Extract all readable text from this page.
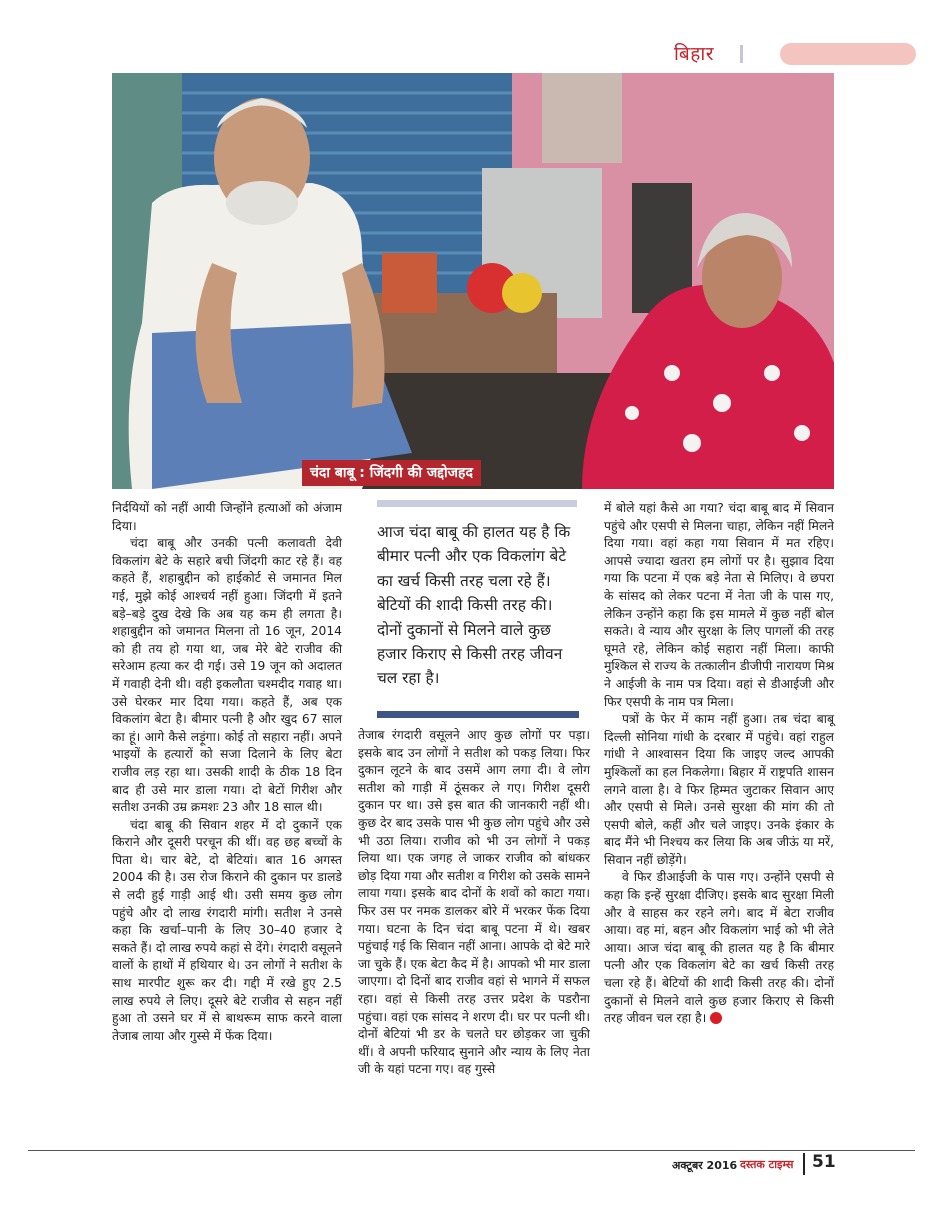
बिहार
चंदा बाबू : जिंदगी की जद्दोजहद

निर्दयियों को नहीं आयी जिन्होंने हत्याओं को अंजाम दिया।

चंदा बाबू और उनकी पत्नी कलावती देवी विकलांग बेटे के सहारे बची जिंदगी काट रहे हैं। वह कहते हैं, शहाबुद्दीन को हाईकोर्ट से जमानत मिल गई, मुझे कोई आश्चर्य नहीं हुआ। जिंदगी में इतने बड़े–बड़े दुख देखे कि अब यह कम ही लगता है। शहाबुद्दीन को जमानत मिलना तो 16 जून, 2014 को ही तय हो गया था, जब मेरे बेटे राजीव की सरेआम हत्या कर दी गई। उसे 19 जून को अदालत में गवाही देनी थी। वही इकलौता चश्मदीद गवाह था। उसे घेरकर मार दिया गया। कहते हैं, अब एक विकलांग बेटा है। बीमार पत्नी है और खुद 67 साल का हूं। आगे कैसे लड़ूंगा। कोई तो सहारा नहीं। अपने भाइयों के हत्यारों को सजा दिलाने के लिए बेटा राजीव लड़ रहा था। उसकी शादी के ठीक 18 दिन बाद ही उसे मार डाला गया। दो बेटों गिरीश और सतीश उनकी उम्र क्रमशः 23 और 18 साल थी।

चंदा बाबू की सिवान शहर में दो दुकानें एक किराने और दूसरी परचून की थीं। वह छह बच्चों के पिता थे। चार बेटे, दो बेटियां। बात 16 अगस्त 2004 की है। उस रोज किराने की दुकान पर डालडे से लदी हुई गाड़ी आई थी। उसी समय कुछ लोग पहुंचे और दो लाख रंगदारी मांगी। सतीश ने उनसे कहा कि खर्चा–पानी के लिए 30–40 हजार दे सकते हैं। दो लाख रुपये कहां से देंगे। रंगदारी वसूलने वालों के हाथों में हथियार थे। उन लोगों ने सतीश के साथ मारपीट शुरू कर दी। गद्दी में रखे हुए 2.5 लाख रुपये ले लिए। दूसरे बेटे राजीव से सहन नहीं हुआ तो उसने घर में से बाथरूम साफ करने वाला तेजाब लाया और गुस्से में फेंक दिया।

आज चंदा बाबू की हालत यह है कि बीमार पत्नी और एक विकलांग बेटे का खर्च किसी तरह चला रहे हैं। बेटियों की शादी किसी तरह की। दोनों दुकानों से मिलने वाले कुछ हजार किराए से किसी तरह जीवन चल रहा है।

तेजाब रंगदारी वसूलने आए कुछ लोगों पर पड़ा। इसके बाद उन लोगों ने सतीश को पकड़ लिया। फिर दुकान लूटने के बाद उसमें आग लगा दी। वे लोग सतीश को गाड़ी में ठूंसकर ले गए। गिरीश दूसरी दुकान पर था। उसे इस बात की जानकारी नहीं थी। कुछ देर बाद उसके पास भी कुछ लोग पहुंचे और उसे भी उठा लिया। राजीव को भी उन लोगों ने पकड़ लिया था। एक जगह ले जाकर राजीव को बांधकर छोड़ दिया गया और सतीश व गिरीश को उसके सामने लाया गया। इसके बाद दोनों के शवों को काटा गया। फिर उस पर नमक डालकर बोरे में भरकर फेंक दिया गया। घटना के दिन चंदा बाबू पटना में थे। खबर पहुंचाई गई कि सिवान नहीं आना। आपके दो बेटे मारे जा चुके हैं। एक बेटा कैद में है। आपको भी मार डाला जाएगा। दो दिनों बाद राजीव वहां से भागने में सफल रहा। वहां से किसी तरह उत्तर प्रदेश के पडरौना पहुंचा। वहां एक सांसद ने शरण दी। घर पर पत्नी थी। दोनों बेटियां भी डर के चलते घर छोड़कर जा चुकी थीं। वे अपनी फरियाद सुनाने और न्याय के लिए नेता जी के यहां पटना गए। वह गुस्से

में बोले यहां कैसे आ गया? चंदा बाबू बाद में सिवान पहुंचे और एसपी से मिलना चाहा, लेकिन नहीं मिलने दिया गया। वहां कहा गया सिवान में मत रहिए। आपसे ज्यादा खतरा हम लोगों पर है। सुझाव दिया गया कि पटना में एक बड़े नेता से मिलिए। वे छपरा के सांसद को लेकर पटना में नेता जी के पास गए, लेकिन उन्होंने कहा कि इस मामले में कुछ नहीं बोल सकते। वे न्याय और सुरक्षा के लिए पागलों की तरह घूमते रहे, लेकिन कोई सहारा नहीं मिला। काफी मुश्किल से राज्य के तत्कालीन डीजीपी नारायण मिश्र ने आईजी के नाम पत्र दिया। वहां से डीआईजी और फिर एसपी के नाम पत्र मिला।

पत्रों के फेर में काम नहीं हुआ। तब चंदा बाबू दिल्ली सोनिया गांधी के दरबार में पहुंचे। वहां राहुल गांधी ने आश्वासन दिया कि जाइए जल्द आपकी मुश्किलों का हल निकलेगा। बिहार में राष्ट्रपति शासन लगने वाला है। वे फिर हिम्मत जुटाकर सिवान आए और एसपी से मिले। उनसे सुरक्षा की मांग की तो एसपी बोले, कहीं और चले जाइए। उनके इंकार के बाद मैंने भी निश्चय कर लिया कि अब जीऊं या मरें, सिवान नहीं छोड़ेंगे।

वे फिर डीआईजी के पास गए। उन्होंने एसपी से कहा कि इन्हें सुरक्षा दीजिए। इसके बाद सुरक्षा मिली और वे साहस कर रहने लगे। बाद में बेटा राजीव आया। वह मां, बहन और विकलांग भाई को भी लेते आया। आज चंदा बाबू की हालत यह है कि बीमार पत्नी और एक विकलांग बेटे का खर्च किसी तरह चला रहे हैं। बेटियों की शादी किसी तरह की। दोनों दुकानों से मिलने वाले कुछ हजार किराए से किसी तरह जीवन चल रहा है।

अक्टूबर 2016 दस्तक टाइम्स 51
